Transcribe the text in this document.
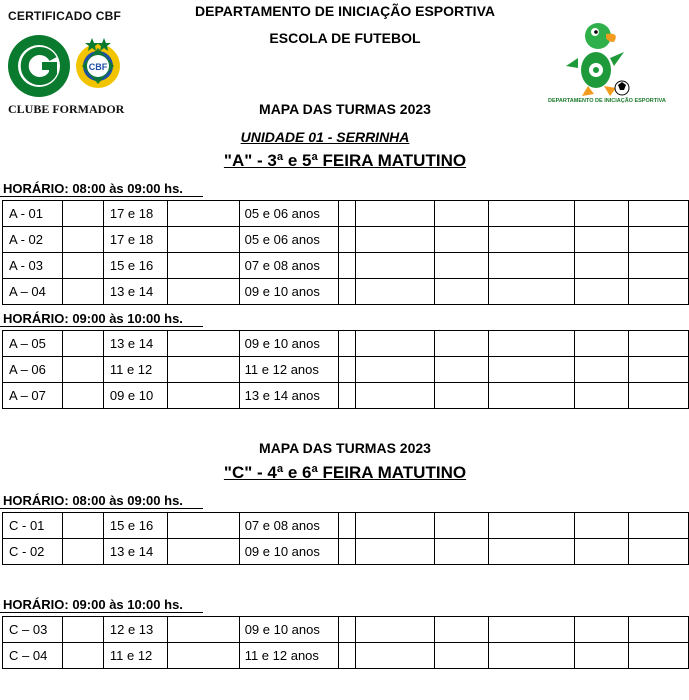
DEPARTAMENTO DE INICIAÇÃO ESPORTIVA
ESCOLA DE FUTEBOL
CERTIFICADO CBF
CBF
CLUBE FORMADOR
DEPARTAMENTO DE INICIAÇÃO ESPORTIVA
MAPA DAS TURMAS 2023
UNIDADE 01 - SERRINHA
"A" - 3ª e 5ª FEIRA MATUTINO
HORÁRIO: 08:00 às 09:00 hs.
A - 01		17 e 18		05 e 06 anos						
A - 02		17 e 18		05 e 06 anos						
A - 03		15 e 16		07 e 08 anos						
A – 04		13 e 14		09 e 10 anos						
HORÁRIO: 09:00 às 10:00 hs.
A – 05		13 e 14		09 e 10 anos						
A – 06		11 e 12		11 e 12 anos						
A – 07		09 e 10		13 e 14 anos						
MAPA DAS TURMAS 2023
"C" - 4ª e 6ª FEIRA MATUTINO
HORÁRIO: 08:00 às 09:00 hs.
C - 01		15 e 16		07 e 08 anos						
C - 02		13 e 14		09 e 10 anos						
HORÁRIO: 09:00 às 10:00 hs.
C – 03		12 e 13		09 e 10 anos						
C – 04		11 e 12		11 e 12 anos						
